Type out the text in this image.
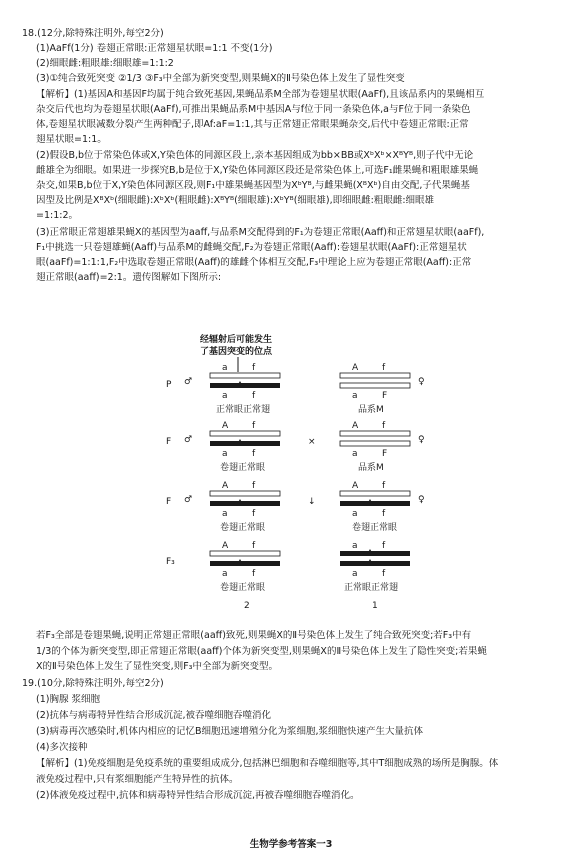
18.(12分,除特殊注明外,每空2分)
(1)AaFf(1分) 卷翅正常眼:正常翅星状眼=1:1 不变(1分)
(2)细眼雌:粗眼雄:细眼雄=1:1:2
(3)①纯合致死突变 ②1/3 ③F₃中全部为新突变型,则果蝇X的Ⅱ号染色体上发生了显性突变
【解析】(1)基因A和基因F均属于纯合致死基因,果蝇品系M全部为卷翅星状眼(AaFf),且该品系内的果蝇相互
杂交后代也均为卷翅星状眼(AaFf),可推出果蝇品系M中基因A与f位于同一条染色体,a与F位于同一条染色
体,卷翅星状眼减数分裂产生两种配子,即Af:aF=1:1,其与正常翅正常眼果蝇杂交,后代中卷翅正常眼:正常
翅星状眼=1:1。
(2)假设B,b位于常染色体或X,Y染色体的同源区段上,亲本基因组成为bb×BB或XᵇXᵇ×XᴮYᴮ,则子代中无论
雌雄全为细眼。如果进一步探究B,b是位于X,Y染色体同源区段还是常染色体上,可选F₁雌果蝇和粗眼雄果蝇
杂交,如果B,b位于X,Y染色体同源区段,则F₁中雄果蝇基因型为XᵇYᴮ,与雌果蝇(XᴮXᵇ)自由交配,子代果蝇基
因型及比例是XᴮXᵇ(细眼雌):XᵇXᵇ(粗眼雌):XᴮYᴮ(细眼雄):XᵇYᴮ(细眼雄),即细眼雌:粗眼雌:细眼雄
=1:1:2。
(3)正常眼正常翅雄果蝇X的基因型为aaff,与品系M交配得到的F₁为卷翅正常眼(Aaff)和正常翅星状眼(aaFf),
F₁中挑选一只卷翅雄蝇(Aaff)与品系M的雌蝇交配,F₂为卷翅正常眼(Aaff):卷翅星状眼(AaFf):正常翅星状
眼(aaFf)=1:1:1,F₂中选取卷翅正常眼(Aaff)的雄雌个体相互交配,F₃中理论上应为卷翅正常眼(Aaff):正常
翅正常眼(aaff)=2:1。遗传图解如下图所示:
经辐射后可能发生
了基因突变的位点
P
F
F
F₃
♂
a	f
a	f
正常眼正常翅
A	f
a	F
♀
品系M
♂
A	f
a	f
卷翅正常眼
×
A	f
a	F
♀
品系M
♂
A	f
a	f
卷翅正常眼
↓
A	f
a	f
♀
卷翅正常眼
A	f
a	f
卷翅正常眼
a	f
a	f
正常眼正常翅
2	1
若F₃全部是卷翅果蝇,说明正常翅正常眼(aaff)致死,则果蝇X的Ⅱ号染色体上发生了纯合致死突变;若F₃中有
1/3的个体为新突变型,即正常翅正常眼(aaff)个体为新突变型,则果蝇X的Ⅱ号染色体上发生了隐性突变;若果蝇
X的Ⅱ号染色体上发生了显性突变,则F₃中全部为新突变型。
19.(10分,除特殊注明外,每空2分)
(1)胸腺 浆细胞
(2)抗体与病毒特异性结合形成沉淀,被吞噬细胞吞噬消化
(3)病毒再次感染时,机体内相应的记忆B细胞迅速增殖分化为浆细胞,浆细胞快速产生大量抗体
(4)多次接种
【解析】(1)免疫细胞是免疫系统的重要组成成分,包括淋巴细胞和吞噬细胞等,其中T细胞成熟的场所是胸腺。体
液免疫过程中,只有浆细胞能产生特异性的抗体。
(2)体液免疫过程中,抗体和病毒特异性结合形成沉淀,再被吞噬细胞吞噬消化。
生物学参考答案一3
